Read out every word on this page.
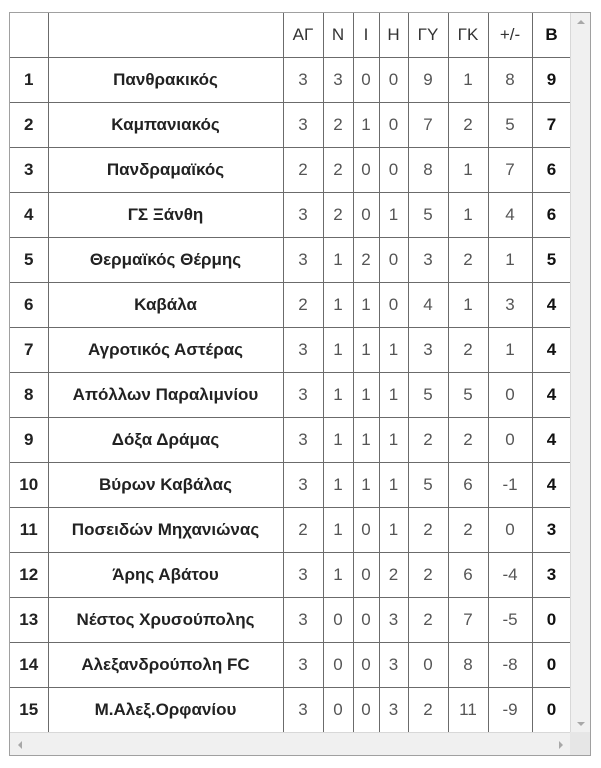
		ΑΓ	Ν	Ι	Η	ΓΥ	ΓΚ	+/-	Β
1	Πανθρακικός	3	3	0	0	9	1	8	9
2	Καμπανιακός	3	2	1	0	7	2	5	7
3	Πανδραμαϊκός	2	2	0	0	8	1	7	6
4	ΓΣ Ξάνθη	3	2	0	1	5	1	4	6
5	Θερμαϊκός Θέρμης	3	1	2	0	3	2	1	5
6	Καβάλα	2	1	1	0	4	1	3	4
7	Αγροτικός Αστέρας	3	1	1	1	3	2	1	4
8	Απόλλων Παραλιμνίου	3	1	1	1	5	5	0	4
9	Δόξα Δράμας	3	1	1	1	2	2	0	4
10	Βύρων Καβάλας	3	1	1	1	5	6	-1	4
11	Ποσειδών Μηχανιώνας	2	1	0	1	2	2	0	3
12	Άρης Αβάτου	3	1	0	2	2	6	-4	3
13	Νέστος Χρυσούπολης	3	0	0	3	2	7	-5	0
14	Αλεξανδρούπολη FC	3	0	0	3	0	8	-8	0
15	Μ.Αλεξ.Ορφανίου	3	0	0	3	2	11	-9	0
